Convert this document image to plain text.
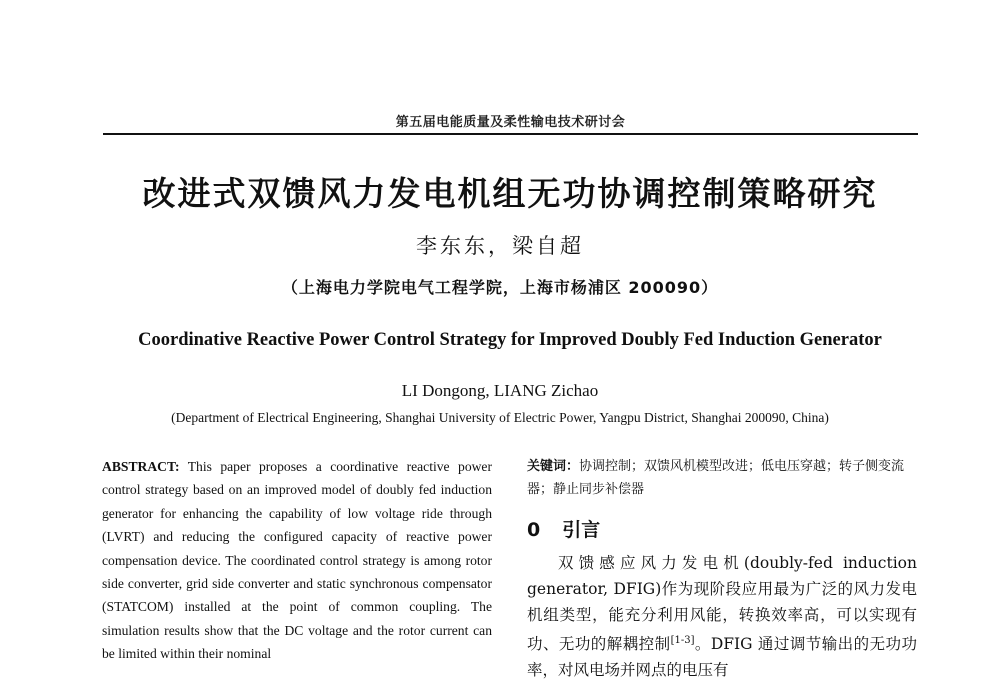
第五届电能质量及柔性输电技术研讨会
改进式双馈风力发电机组无功协调控制策略研究
李东东，梁自超
（上海电力学院电气工程学院，上海市杨浦区 200090）
Coordinative Reactive Power Control Strategy for Improved Doubly Fed Induction Generator
LI Dongong, LIANG Zichao
(Department of Electrical Engineering, Shanghai University of Electric Power, Yangpu District, Shanghai 200090, China)
ABSTRACT: This paper proposes a coordinative reactive power control strategy based on an improved model of doubly fed induction generator for enhancing the capability of low voltage ride through (LVRT) and reducing the configured capacity of reactive power compensation device. The coordinated control strategy is among rotor side converter, grid side converter and static synchronous compensator (STATCOM) installed at the point of common coupling. The simulation results show that the DC voltage and the rotor current can be limited within their nominal
关键词：协调控制；双馈风机模型改进；低电压穿越；转子侧变流器；静止同步补偿器
0 引言
双馈感应风力发电机(doubly-fed induction generator, DFIG)作为现阶段应用最为广泛的风力发电机组类型，能充分利用风能，转换效率高，可以实现有功、无功的解耦控制[1-3]。DFIG 通过调节输出的无功功率，对风电场并网点的电压有
